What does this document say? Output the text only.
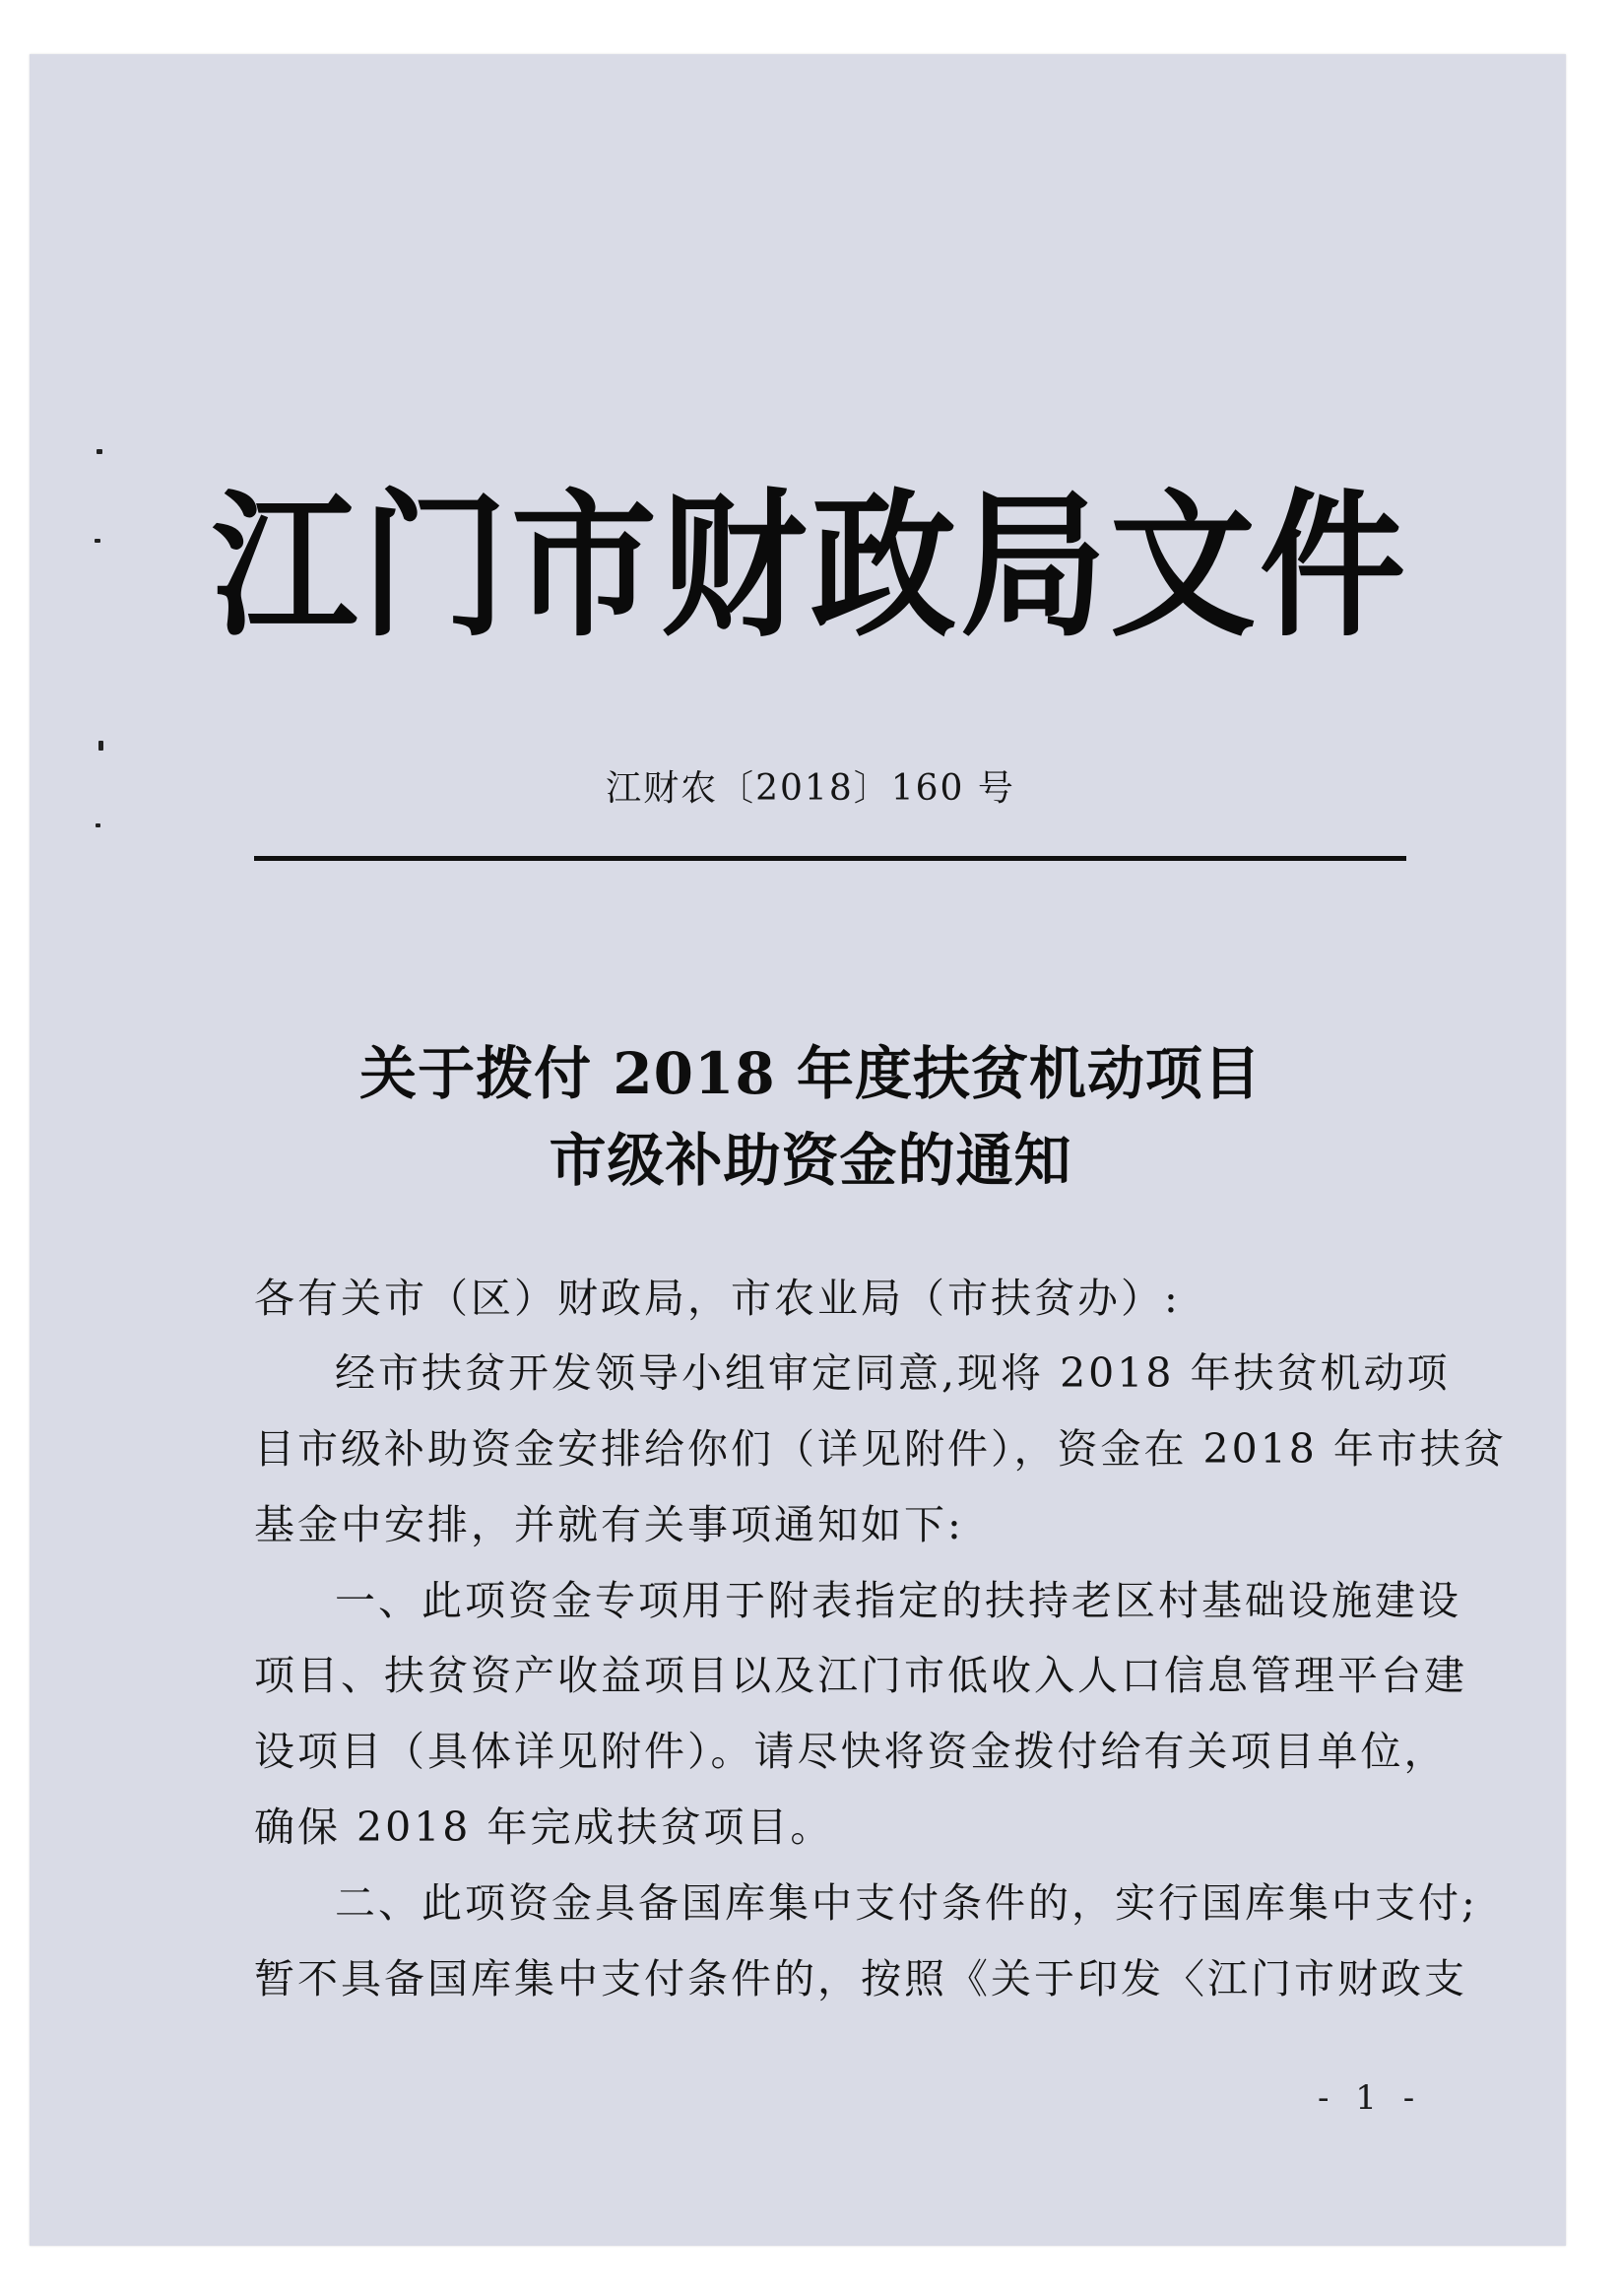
江门市财政局文件
江财农〔2018〕160 号
关于拨付 2018 年度扶贫机动项目
市级补助资金的通知
各有关市（区）财政局，市农业局（市扶贫办）:
经市扶贫开发领导小组审定同意,现将 2018 年扶贫机动项
目市级补助资金安排给你们（详见附件），资金在 2018 年市扶贫
基金中安排，并就有关事项通知如下:
一、此项资金专项用于附表指定的扶持老区村基础设施建设
项目、扶贫资产收益项目以及江门市低收入人口信息管理平台建
设项目（具体详见附件）。请尽快将资金拨付给有关项目单位，
确保 2018 年完成扶贫项目。
二、此项资金具备国库集中支付条件的，实行国库集中支付;
暂不具备国库集中支付条件的，按照《关于印发〈江门市财政支
- 1 -
